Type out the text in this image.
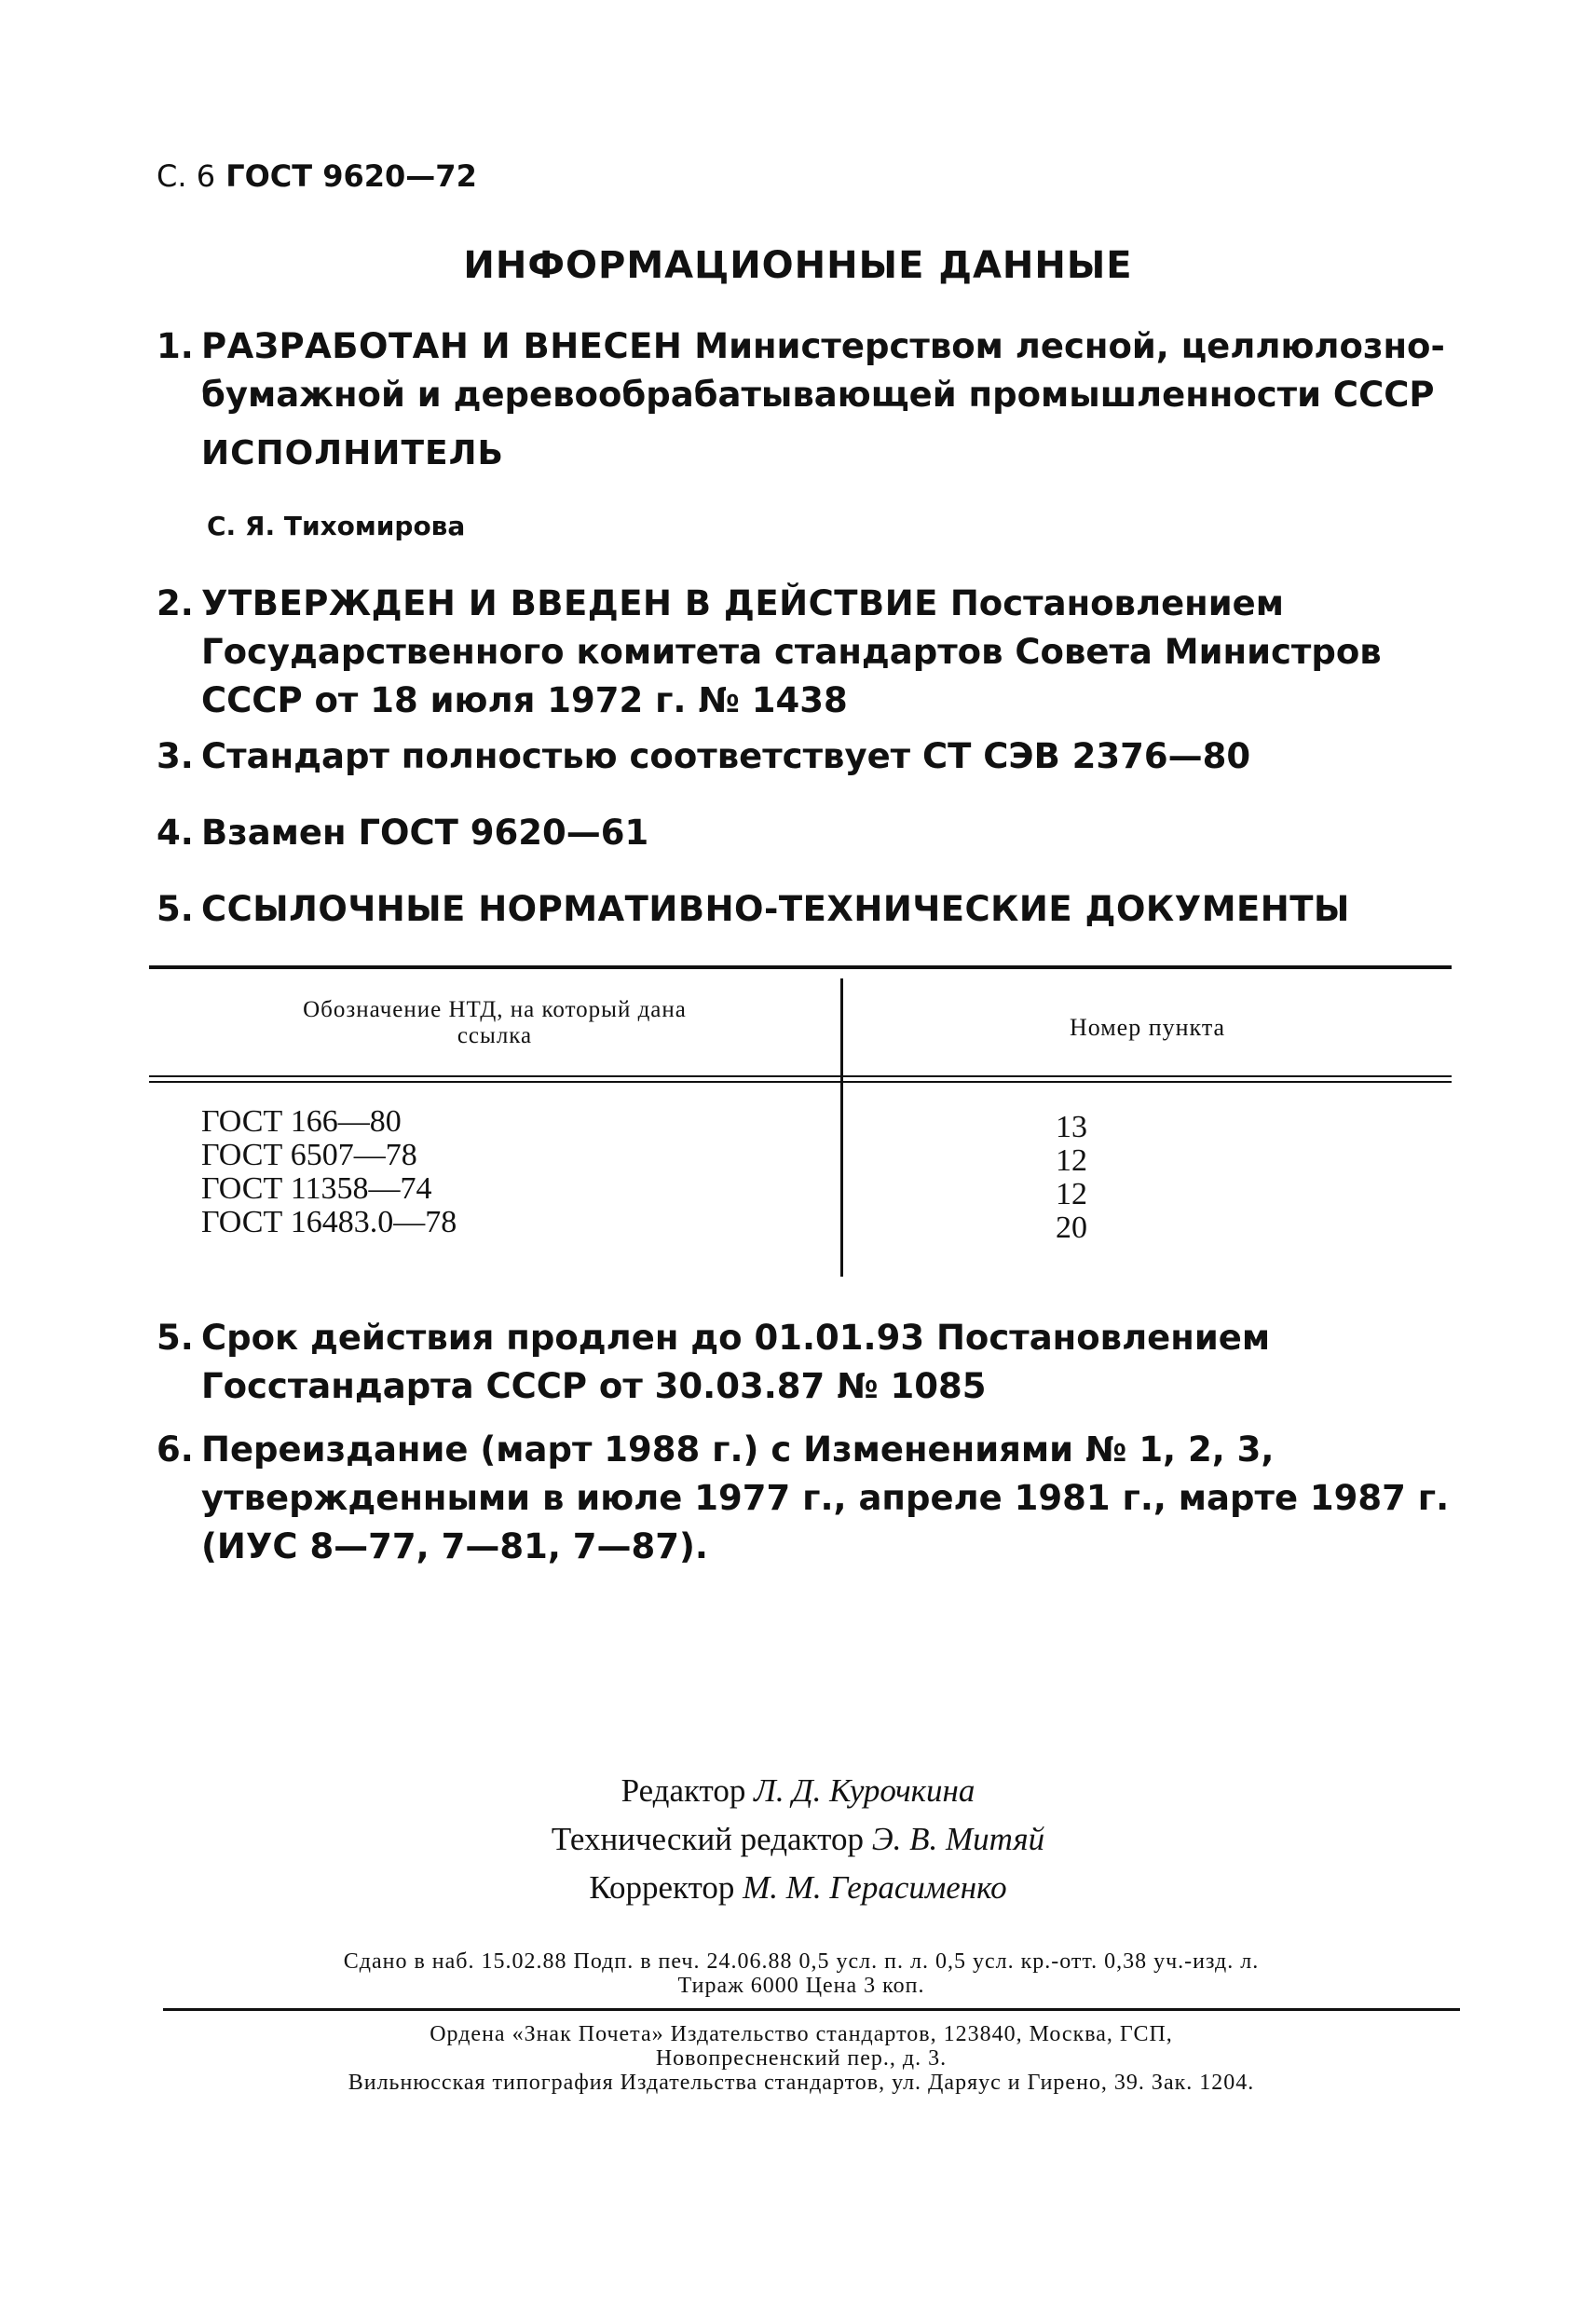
С. 6 ГОСТ 9620—72
ИНФОРМАЦИОННЫЕ ДАННЫЕ
1. РАЗРАБОТАН И ВНЕСЕН Министерством лесной, целлюлозно-бумажной и деревообрабатывающей промышленности СССР
ИСПОЛНИТЕЛЬ
С. Я. Тихомирова
2. УТВЕРЖДЕН И ВВЕДЕН В ДЕЙСТВИЕ Постановлением Государственного комитета стандартов Совета Министров СССР от 18 июля 1972 г. № 1438
3. Стандарт полностью соответствует СТ СЭВ 2376—80
4. Взамен ГОСТ 9620—61
5. ССЫЛОЧНЫЕ НОРМАТИВНО-ТЕХНИЧЕСКИЕ ДОКУМЕНТЫ
Обозначение НТД, на который дана ссылка	Номер пункта
ГОСТ 166—80
ГОСТ 6507—78
ГОСТ 11358—74
ГОСТ 16483.0—78
13
12
12
20
5. Срок действия продлен до 01.01.93 Постановлением Госстандарта СССР от 30.03.87 № 1085
6. Переиздание (март 1988 г.) с Изменениями № 1, 2, 3, утвержденными в июле 1977 г., апреле 1981 г., марте 1987 г. (ИУС 8—77, 7—81, 7—87).
Редактор Л. Д. Курочкина
Технический редактор Э. В. Митяй
Корректор М. М. Герасименко
Сдано в наб. 15.02.88 Подп. в печ. 24.06.88 0,5 усл. п. л. 0,5 усл. кр.-отт. 0,38 уч.-изд. л.
Тираж 6000 Цена 3 коп.
Ордена «Знак Почета» Издательство стандартов, 123840, Москва, ГСП,
Новопресненский пер., д. 3.
Вильнюсская типография Издательства стандартов, ул. Даряус и Гирено, 39. Зак. 1204.
